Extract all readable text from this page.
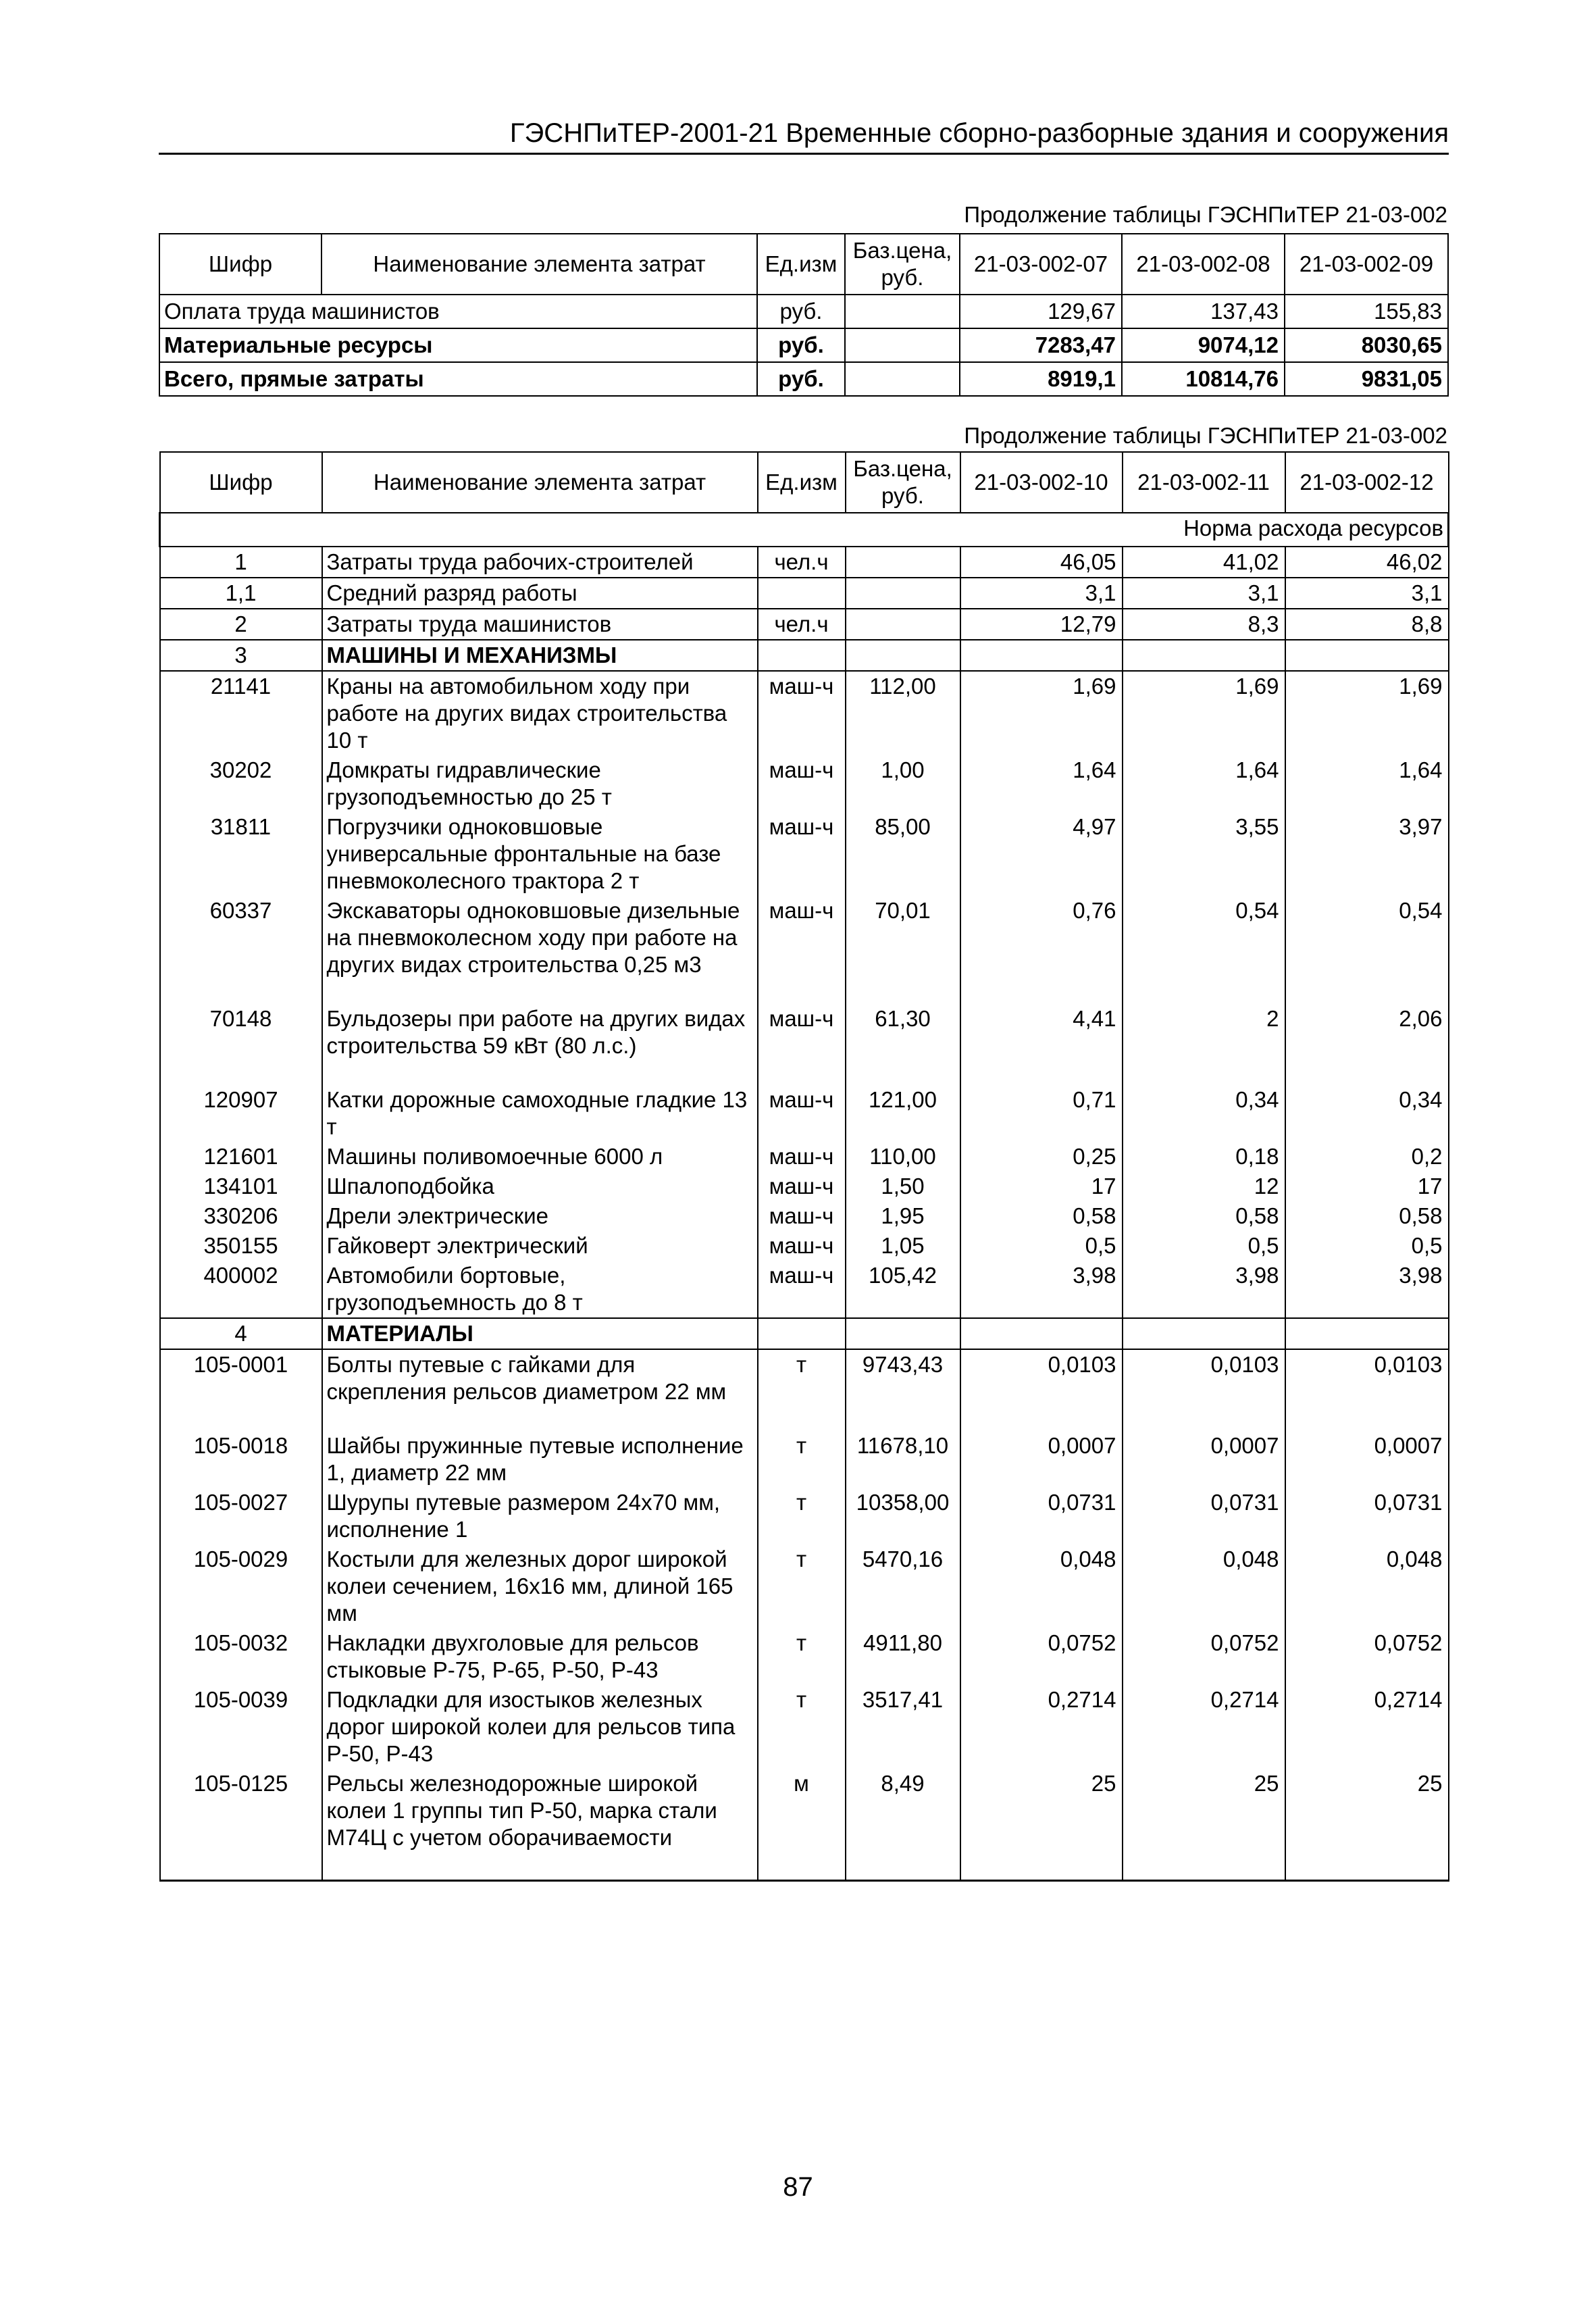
ГЭСНПиТЕР-2001-21 Временные сборно-разборные здания и сооружения
Продолжение таблицы ГЭСНПиТЕР 21-03-002
Шифр	Наименование элемента затрат	Ед.изм	Баз.цена, руб.	21-03-002-07	21-03-002-08	21-03-002-09
Оплата труда машинистов		руб.		129,67	137,43	155,83
Материальные ресурсы		руб.		7283,47	9074,12	8030,65
Всего, прямые затраты		руб.		8919,1	10814,76	9831,05
Продолжение таблицы ГЭСНПиТЕР 21-03-002
Шифр	Наименование элемента затрат	Ед.изм	Баз.цена, руб.	21-03-002-10	21-03-002-11	21-03-002-12
Норма расхода ресурсов						
1	Затраты труда рабочих-строителей	чел.ч		46,05	41,02	46,02
1,1	Средний разряд работы			3,1	3,1	3,1
2	Затраты труда машинистов	чел.ч		12,79	8,3	8,8
3	МАШИНЫ И МЕХАНИЗМЫ					
21141	Краны на автомобильном ходу при работе на других видах строительства 10 т	маш-ч	112,00	1,69	1,69	1,69
30202	Домкраты гидравлические грузоподъемностью до 25 т	маш-ч	1,00	1,64	1,64	1,64
31811	Погрузчики одноковшовые универсальные фронтальные на базе пневмоколесного трактора 2 т	маш-ч	85,00	4,97	3,55	3,97
60337	Экскаваторы одноковшовые дизельные на пневмоколесном ходу при работе на других видах строительства 0,25 м3	маш-ч	70,01	0,76	0,54	0,54
70148	Бульдозеры при работе на других видах строительства 59 кВт (80 л.с.)	маш-ч	61,30	4,41	2	2,06
120907	Катки дорожные самоходные гладкие 13 т	маш-ч	121,00	0,71	0,34	0,34
121601	Машины поливомоечные 6000 л	маш-ч	110,00	0,25	0,18	0,2
134101	Шпалоподбойка	маш-ч	1,50	17	12	17
330206	Дрели электрические	маш-ч	1,95	0,58	0,58	0,58
350155	Гайковерт электрический	маш-ч	1,05	0,5	0,5	0,5
400002	Автомобили бортовые, грузоподъемность до 8 т	маш-ч	105,42	3,98	3,98	3,98
4	МАТЕРИАЛЫ					
105-0001	Болты путевые с гайками для скрепления рельсов диаметром 22 мм	т	9743,43	0,0103	0,0103	0,0103
105-0018	Шайбы пружинные путевые исполнение 1, диаметр 22 мм	т	11678,10	0,0007	0,0007	0,0007
105-0027	Шурупы путевые размером 24х70 мм, исполнение 1	т	10358,00	0,0731	0,0731	0,0731
105-0029	Костыли для железных дорог широкой колеи сечением, 16х16 мм, длиной 165 мм	т	5470,16	0,048	0,048	0,048
105-0032	Накладки двухголовые для рельсов стыковые Р-75, Р-65, Р-50, Р-43	т	4911,80	0,0752	0,0752	0,0752
105-0039	Подкладки для изостыков железных дорог широкой колеи для рельсов типа Р-50, Р-43	т	3517,41	0,2714	0,2714	0,2714
105-0125	Рельсы железнодорожные широкой колеи 1 группы тип Р-50, марка стали М74Ц с учетом оборачиваемости	м	8,49	25	25	25
87
